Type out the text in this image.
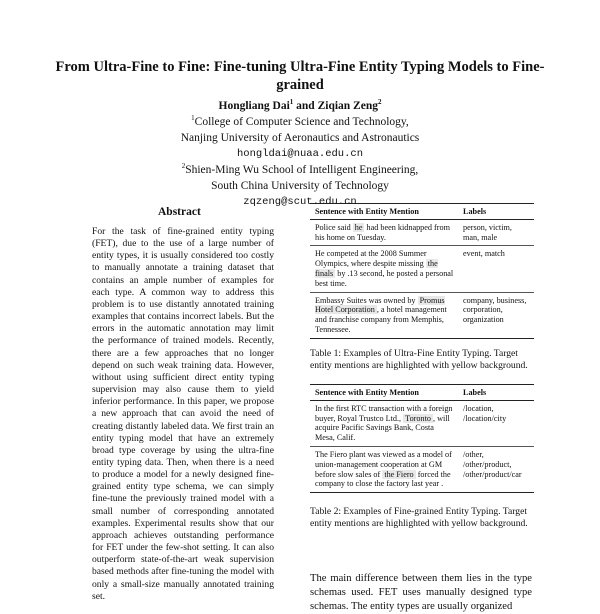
From Ultra-Fine to Fine: Fine-tuning Ultra-Fine Entity Typing Models to Fine-grained
Hongliang Dai$^1$ and Ziqian Zeng$^2$
$^1$College of Computer Science and Technology,
Nanjing University of Aeronautics and Astronautics
hongldai@nuaa.edu.cn
$^2$Shien-Ming Wu School of Intelligent Engineering,
South China University of Technology
zqzeng@scut.edu.cn
Abstract
For the task of fine-grained entity typing (FET), due to the use of a large number of entity types, it is usually considered too costly to manually annotate a training dataset that contains an ample number of examples for each type. A common way to address this problem is to use distantly annotated training examples that contains incorrect labels. But the errors in the automatic annotation may limit the performance of trained models. Recently, there are a few approaches that no longer depend on such weak training data. However, without using sufficient direct entity typing supervision may also cause them to yield inferior performance. In this paper, we propose a new approach that can avoid the need of creating distantly labeled data. We first train an entity typing model that have an extremely broad type coverage by using the ultra-fine entity typing data. Then, when there is a need to produce a model for a newly designed fine-grained entity type schema, we can simply fine-tune the previously trained model with a small number of corresponding annotated examples. Experimental results show that our approach achieves outstanding performance for FET under the few-shot setting. It can also outperform state-of-the-art weak supervision based methods after fine-tuning the model with only a small-size manually annotated training set.
Sentence with Entity Mention	Labels
Police said he had been kidnapped from his home on Tuesday.	person, victim, man, male
He competed at the 2008 Summer Olympics, where despite missing the finals by .13 second, he posted a personal best time.	event, match
Embassy Suites was owned by Promus Hotel Corporation , a hotel management and franchise company from Memphis, Tennessee.	company, business, corporation, organization
Table 1: Examples of Ultra-Fine Entity Typing. Target entity mentions are highlighted with yellow background.
Sentence with Entity Mention	Labels
In the first RTC transaction with a foreign buyer, Royal Trustco Ltd., Toronto , will acquire Pacific Savings Bank, Costa Mesa, Calif.	/location, /location/city
The Fiero plant was viewed as a model of union-management cooperation at GM before slow sales of the Fiero forced the company to close the factory last year .	/other, /other/product, /other/product/car
Table 2: Examples of Fine-grained Entity Typing. Target entity mentions are highlighted with yellow background.
The main difference between them lies in the type schemas used. FET uses manually designed type schemas. The entity types are usually organized
